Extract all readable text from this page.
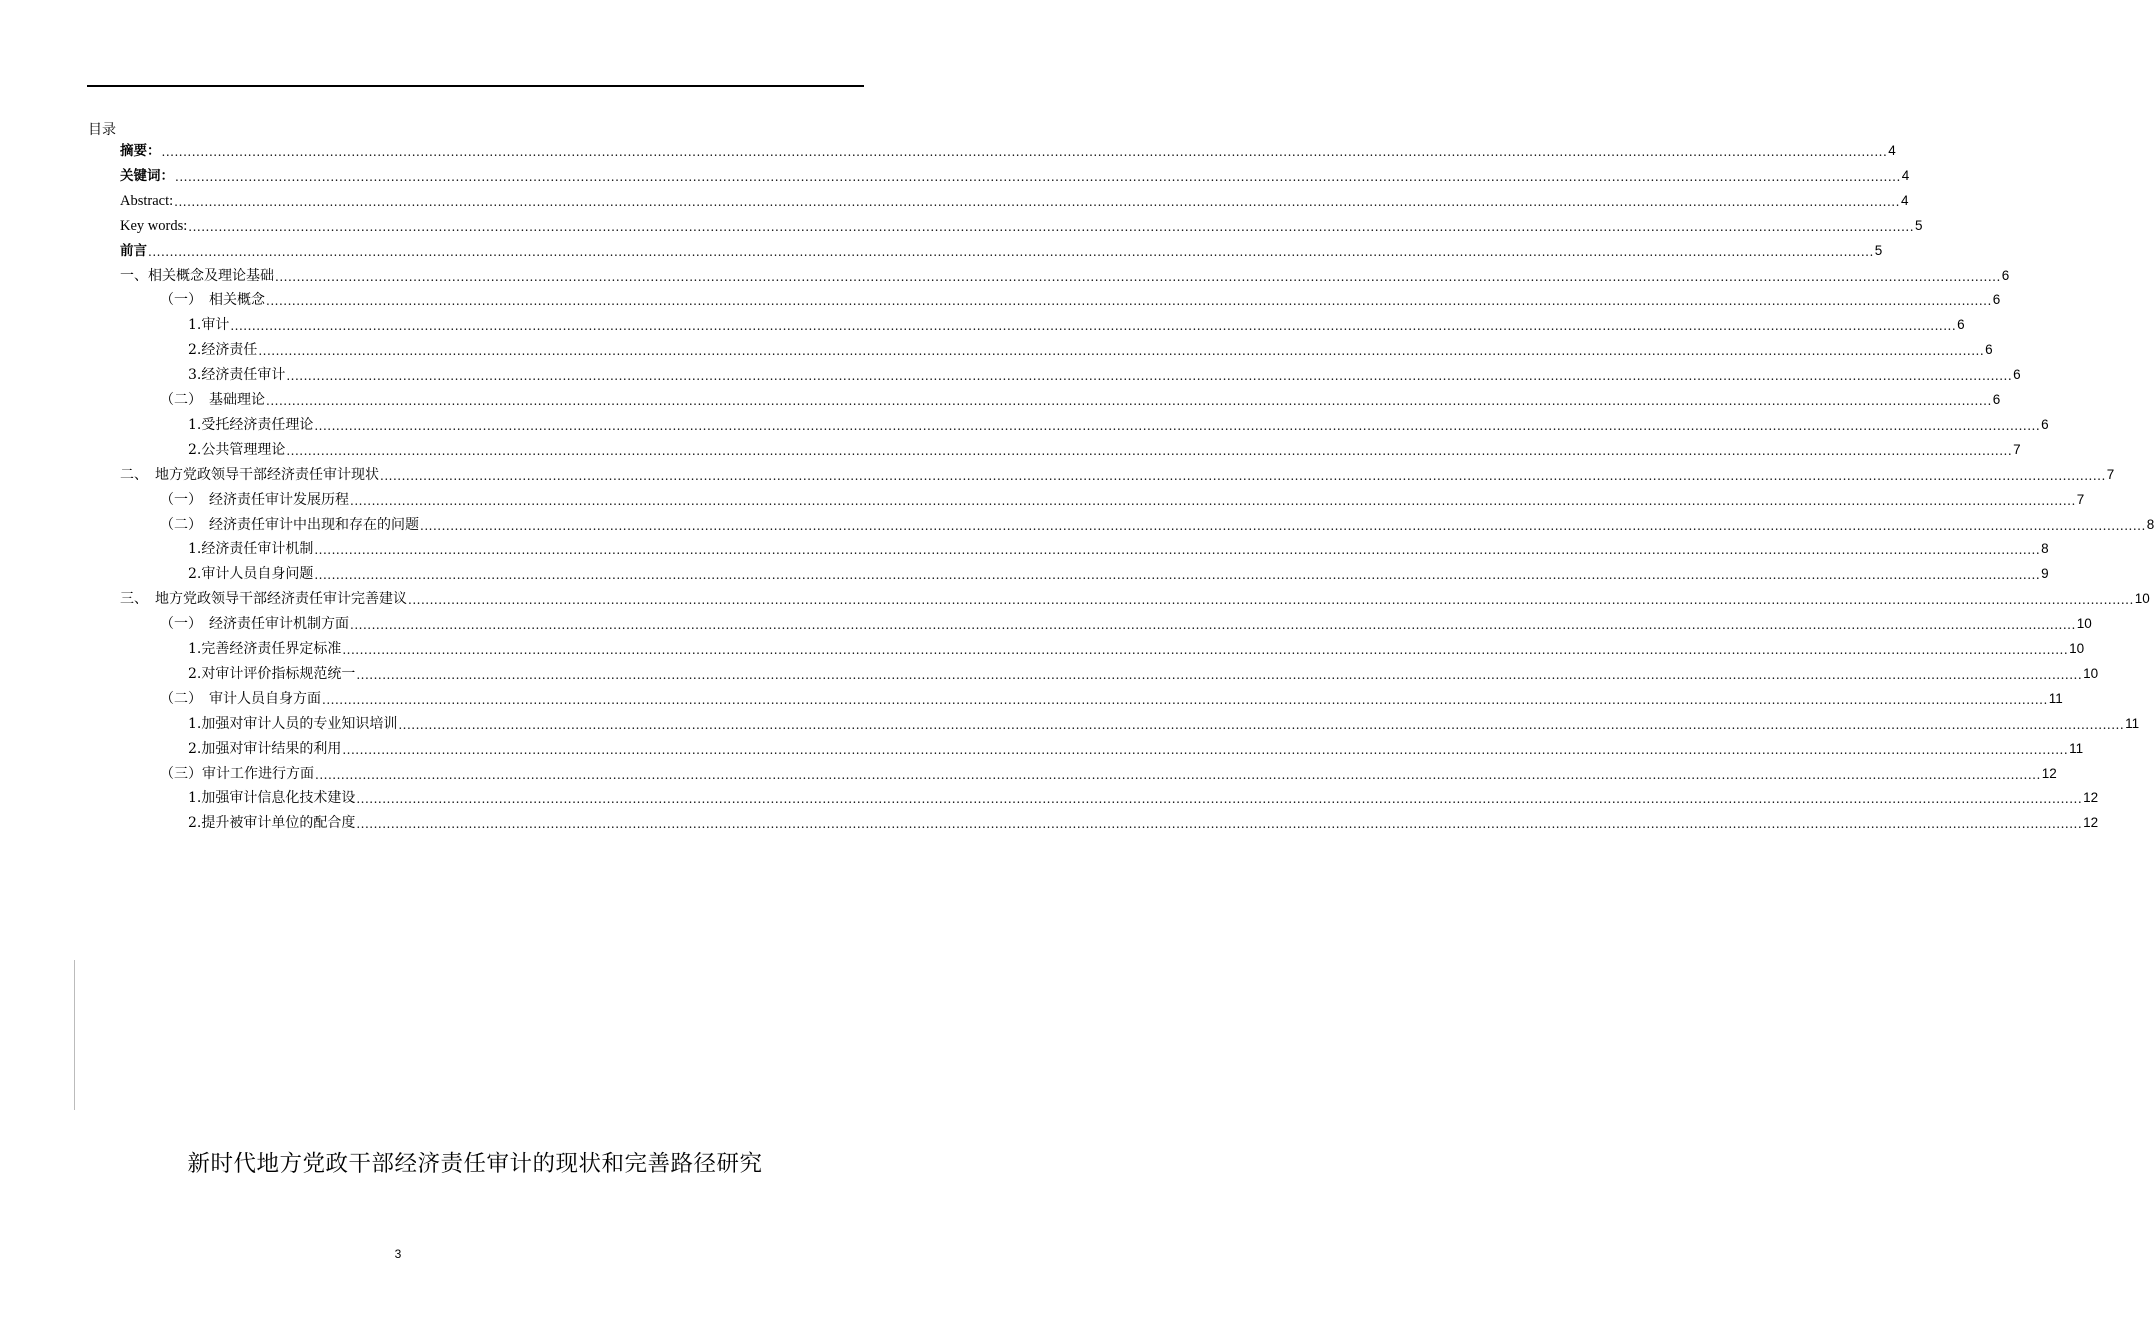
目录
摘要： ................................................................................................................................................................................................................................................................................................................................................................................................................ 4
关键词： ................................................................................................................................................................................................................................................................................................................................................................................................................ 4
Abstract: ................................................................................................................................................................................................................................................................................................................................................................................................................ 4
Key words: ................................................................................................................................................................................................................................................................................................................................................................................................................ 5
前言 ................................................................................................................................................................................................................................................................................................................................................................................................................ 5
一、相关概念及理论基础 ................................................................................................................................................................................................................................................................................................................................................................................................................ 6
（一）　相关概念 ................................................................................................................................................................................................................................................................................................................................................................................................................ 6
1.审计 ................................................................................................................................................................................................................................................................................................................................................................................................................ 6
2.经济责任 ................................................................................................................................................................................................................................................................................................................................................................................................................ 6
3.经济责任审计 ................................................................................................................................................................................................................................................................................................................................................................................................................ 6
（二）　基础理论 ................................................................................................................................................................................................................................................................................................................................................................................................................ 6
1.受托经济责任理论 ................................................................................................................................................................................................................................................................................................................................................................................................................ 6
2.公共管理理论 ................................................................................................................................................................................................................................................................................................................................................................................................................ 7
二、　地方党政领导干部经济责任审计现状 ................................................................................................................................................................................................................................................................................................................................................................................................................ 7
（一）　经济责任审计发展历程 ................................................................................................................................................................................................................................................................................................................................................................................................................ 7
（二）　经济责任审计中出现和存在的问题 ................................................................................................................................................................................................................................................................................................................................................................................................................ 8
1.经济责任审计机制 ................................................................................................................................................................................................................................................................................................................................................................................................................ 8
2.审计人员自身问题 ................................................................................................................................................................................................................................................................................................................................................................................................................ 9
三、　地方党政领导干部经济责任审计完善建议 ................................................................................................................................................................................................................................................................................................................................................................................................................ 10
（一）　经济责任审计机制方面 ................................................................................................................................................................................................................................................................................................................................................................................................................ 10
1.完善经济责任界定标准 ................................................................................................................................................................................................................................................................................................................................................................................................................ 10
2.对审计评价指标规范统一 ................................................................................................................................................................................................................................................................................................................................................................................................................ 10
（二）　审计人员自身方面 ................................................................................................................................................................................................................................................................................................................................................................................................................ 11
1.加强对审计人员的专业知识培训 ................................................................................................................................................................................................................................................................................................................................................................................................................ 11
2.加强对审计结果的利用 ................................................................................................................................................................................................................................................................................................................................................................................................................ 11
（三）审计工作进行方面 ................................................................................................................................................................................................................................................................................................................................................................................................................ 12
1.加强审计信息化技术建设 ................................................................................................................................................................................................................................................................................................................................................................................................................ 12
2.提升被审计单位的配合度 ................................................................................................................................................................................................................................................................................................................................................................................................................ 12
新时代地方党政干部经济责任审计的现状和完善路径研究
3
